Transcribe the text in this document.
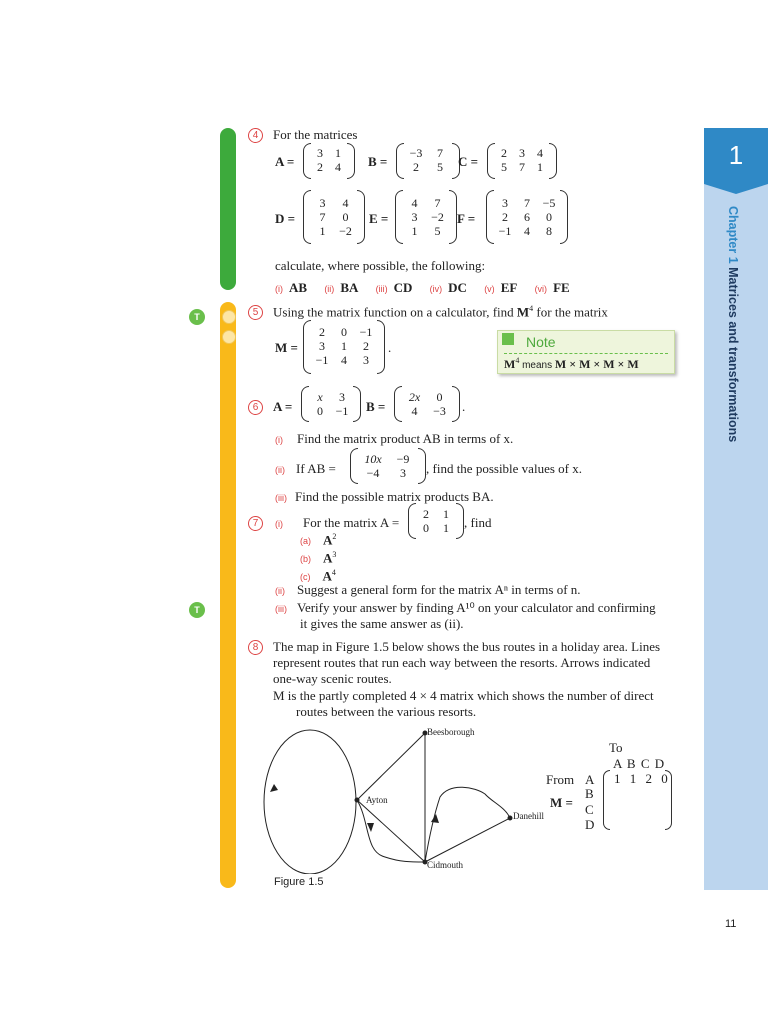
T
T
1
Chapter 1 Matrices and transformations
4	For the matrices
A =
3	1
2	4	B =
−3	7
2	5	C =
2	3	4
5	7	1
D =
3	4
7	0
1	−2
E =
4	7
3	−2
1	5
F =
3	7	−5
2	6	0
−1	4	8
calculate, where possible, the following:
(i) AB (ii) BA (iii) CD (iv) DC (v) EF (vi) FE
5	Using the matrix function on a calculator, find $M^4$ for the matrix
M =
2	0	−1
3	1	2
−1	4	3
.	Note
$M^4$ means M × M × M × M
6	A =
x	3
0	−1	B =
2x	0
4	−3	.
(i) Find the matrix product AB in terms of x.
(ii) If AB =
10x	−9
−4	3	, find the possible values of x.
(iii) Find the possible matrix products BA.
7	(i) For the matrix A =
2	1
0	1	, find
(a) $A^2$
(b) $A^3$
(c) $A^4$
(ii) Suggest a general form for the matrix Aⁿ in terms of n.
(iii) Verify your answer by finding A¹⁰ on your calculator and confirming
it gives the same answer as (ii).
8	The map in Figure 1.5 below shows the bus routes in a holiday area. Lines
represent routes that run each way between the resorts. Arrows indicated
one-way scenic routes.
M is the partly completed 4 × 4 matrix which shows the number of direct
routes between the various resorts.
Beesborough
Ayton
Danehill
Cidmouth
To
A B C D
From A
B
C
D
M =
1 1 2 0
Figure 1.5
11
